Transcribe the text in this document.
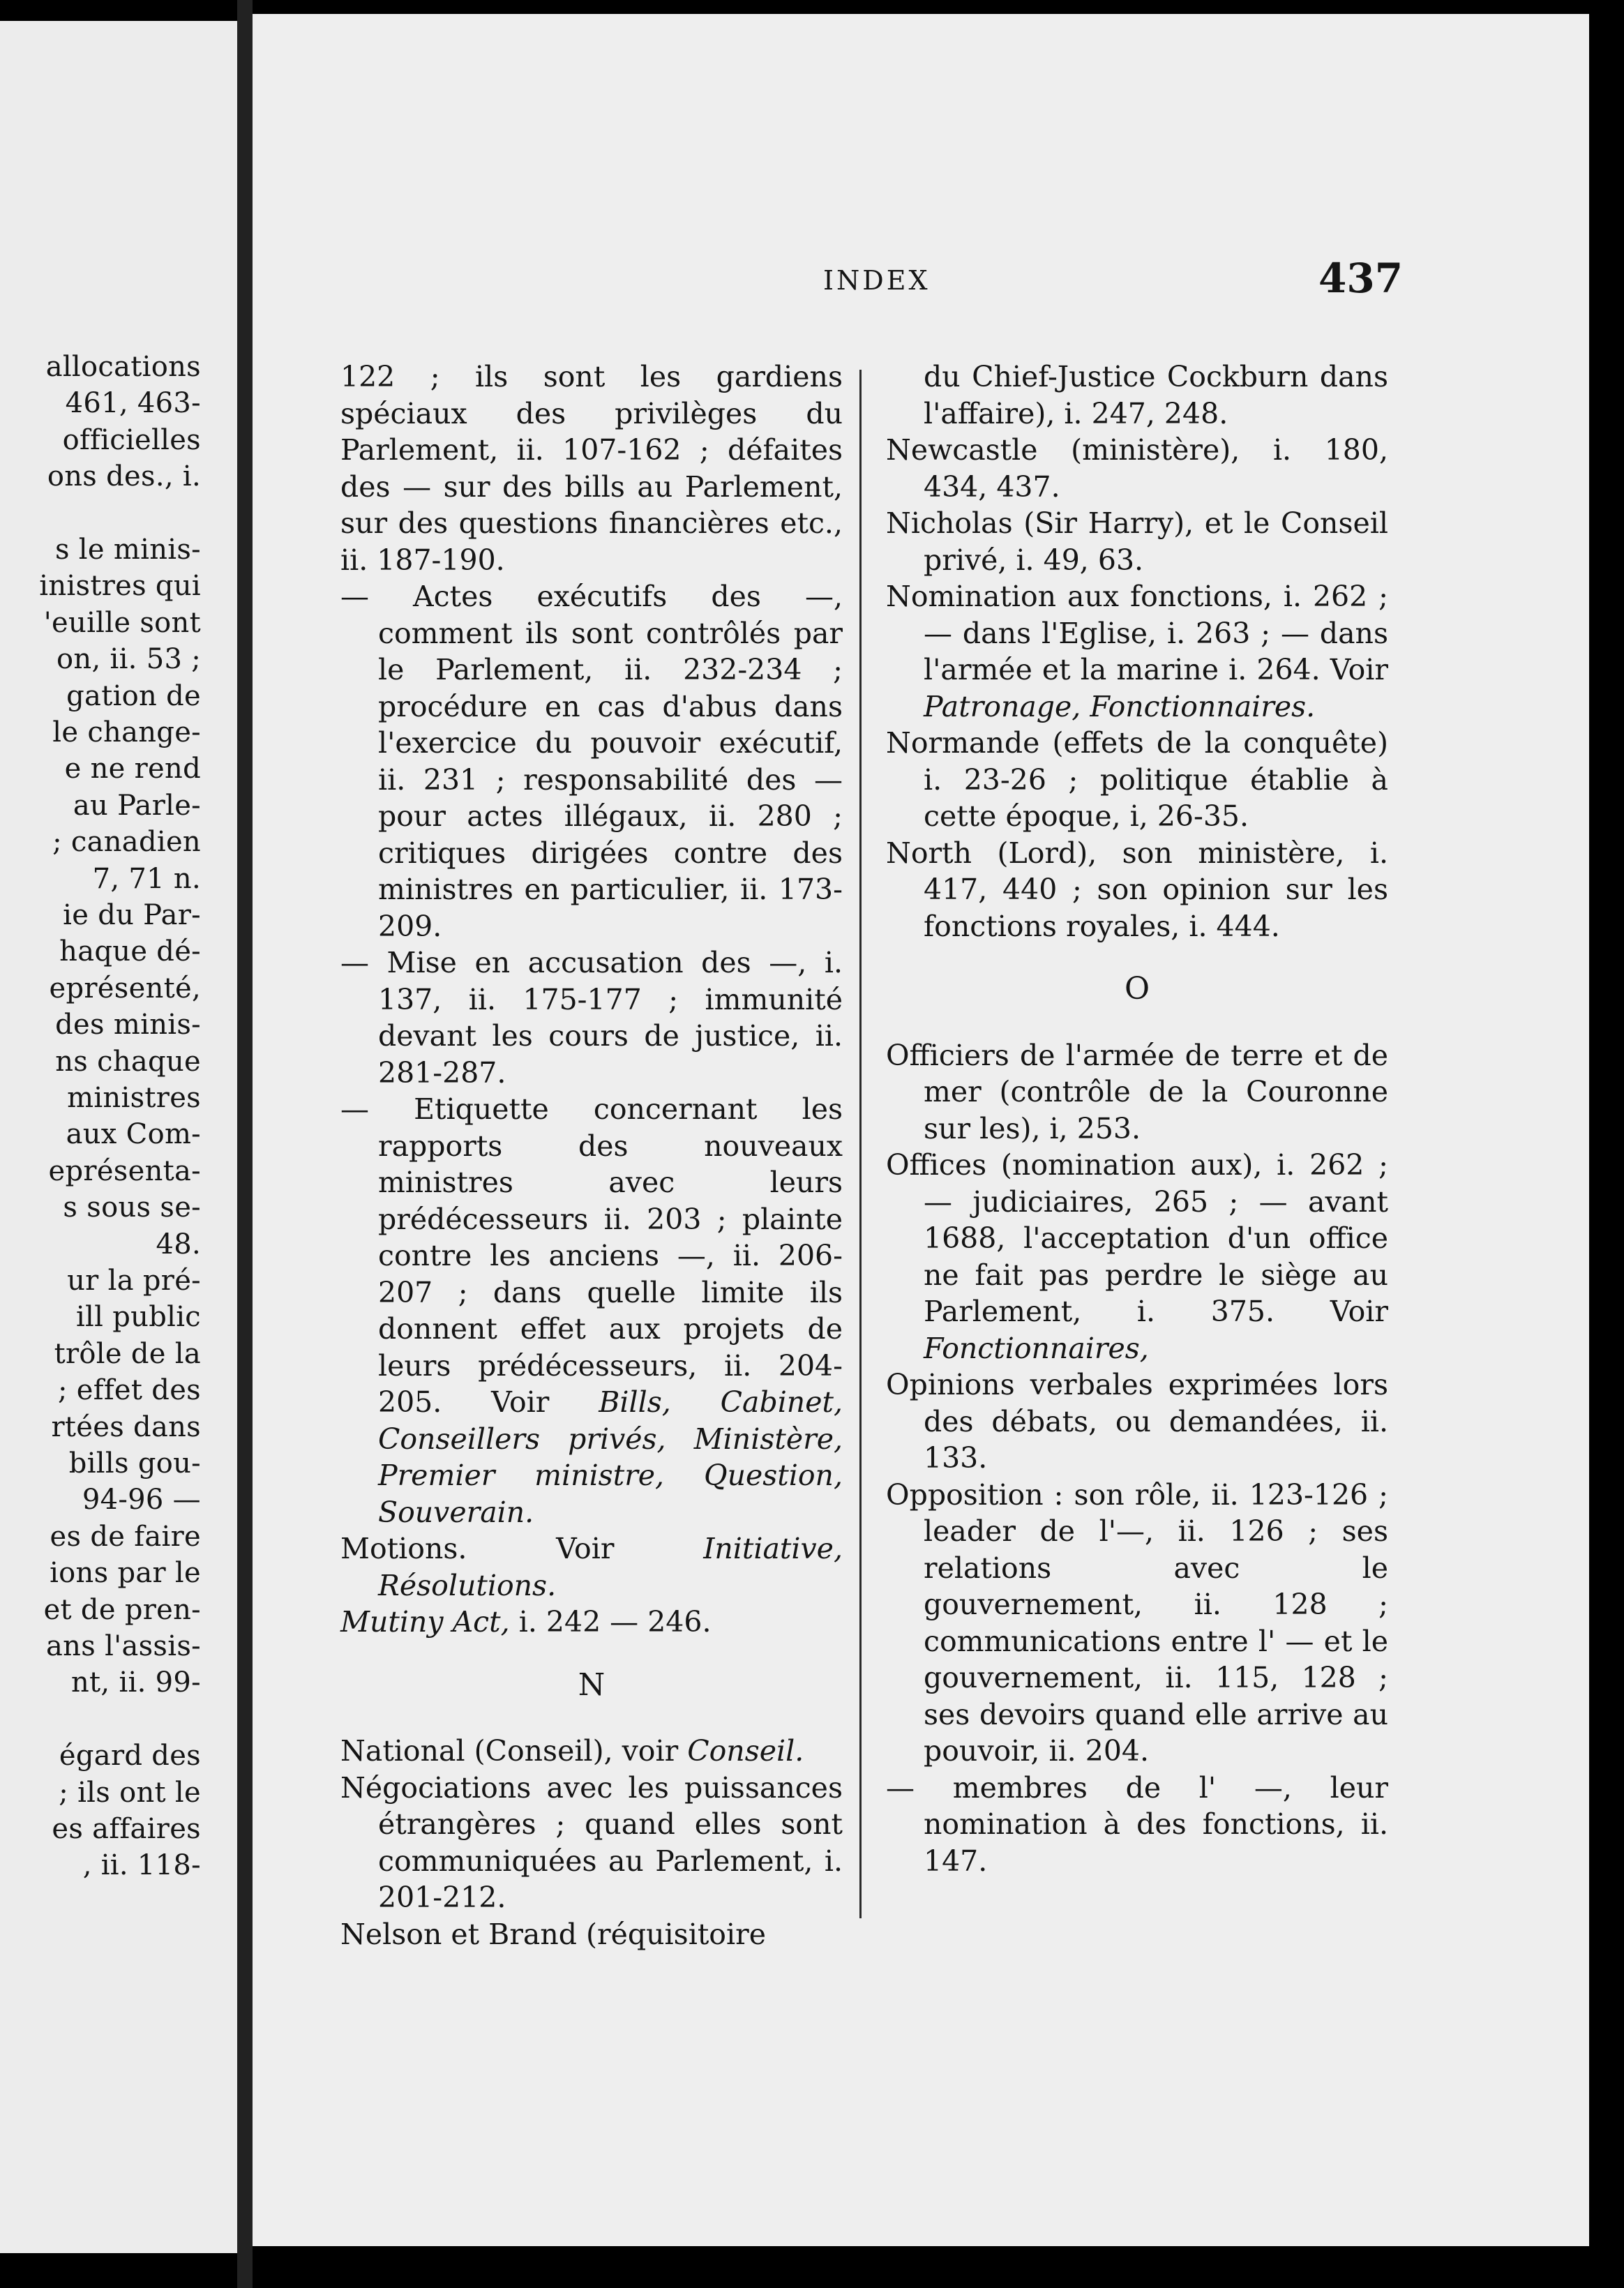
allocations
461, 463-
officielles
ons des., i.
s le minis-
inistres qui
'euille sont
on, ii. 53 ;
gation de
le change-
e ne rend
au Parle-
; canadien
7, 71 n.
ie du Par-
haque dé-
eprésenté,
des minis-
ns chaque
ministres
aux Com-
eprésenta-
s sous se-
48.
ur la pré-
ill public
trôle de la
; effet des
rtées dans
bills gou-
94-96 —
es de faire
ions par le
et de pren-
ans l'assis-
nt, ii. 99-
égard des
; ils ont le
es affaires
, ii. 118-
INDEX	437

122 ; ils sont les gardiens spéciaux des privilèges du Parlement, ii. 107-162 ; défaites des — sur des bills au Parlement, sur des questions financières etc., ii. 187-190.

— Actes exécutifs des —, comment ils sont contrôlés par le Parlement, ii. 232-234 ; procédure en cas d'abus dans l'exercice du pouvoir exécutif, ii. 231 ; responsabilité des — pour actes illégaux, ii. 280 ; critiques dirigées contre des ministres en particulier, ii. 173-209.

— Mise en accusation des —, i. 137, ii. 175-177 ; immunité devant les cours de justice, ii. 281-287.

— Etiquette concernant les rapports des nouveaux ministres avec leurs prédécesseurs ii. 203 ; plainte contre les anciens —, ii. 206-207 ; dans quelle limite ils donnent effet aux projets de leurs prédécesseurs, ii. 204-205. Voir Bills, Cabinet, Conseillers privés, Ministère, Premier ministre, Question, Souverain.

Motions. Voir	Initiative, Résolutions.

Mutiny Act, i. 242 — 246.

N

National (Conseil), voir Conseil.

Négociations avec les puissances étrangères ; quand elles sont communiquées au Parlement, i. 201-212.

Nelson et Brand (réquisitoire

du Chief-Justice Cockburn dans l'affaire), i. 247, 248.

Newcastle (ministère), i. 180, 434, 437.

Nicholas (Sir Harry), et le Conseil privé, i. 49, 63.

Nomination aux fonctions, i. 262 ; — dans l'Eglise, i. 263 ; — dans l'armée et la marine i. 264. Voir Patronage, Fonctionnaires.

Normande (effets de la conquête) i. 23-26 ; politique établie à cette époque, i, 26-35.

North (Lord), son ministère, i. 417, 440 ; son opinion sur les fonctions royales, i. 444.

O

Officiers de l'armée de terre et de mer (contrôle de la Couronne sur les), i, 253.

Offices (nomination aux), i. 262 ; — judiciaires, 265 ; — avant 1688, l'acceptation d'un office ne fait pas perdre le siège au Parlement, i. 375. Voir Fonctionnaires,

Opinions verbales exprimées lors des débats, ou demandées, ii. 133.

Opposition : son rôle, ii. 123-126 ; leader de l'—, ii. 126 ; ses relations avec le gouvernement, ii. 128 ; communications entre l' — et le gouvernement, ii. 115, 128 ; ses devoirs quand elle arrive au pouvoir, ii. 204.

— membres de l' —, leur nomination à des fonctions, ii. 147.
